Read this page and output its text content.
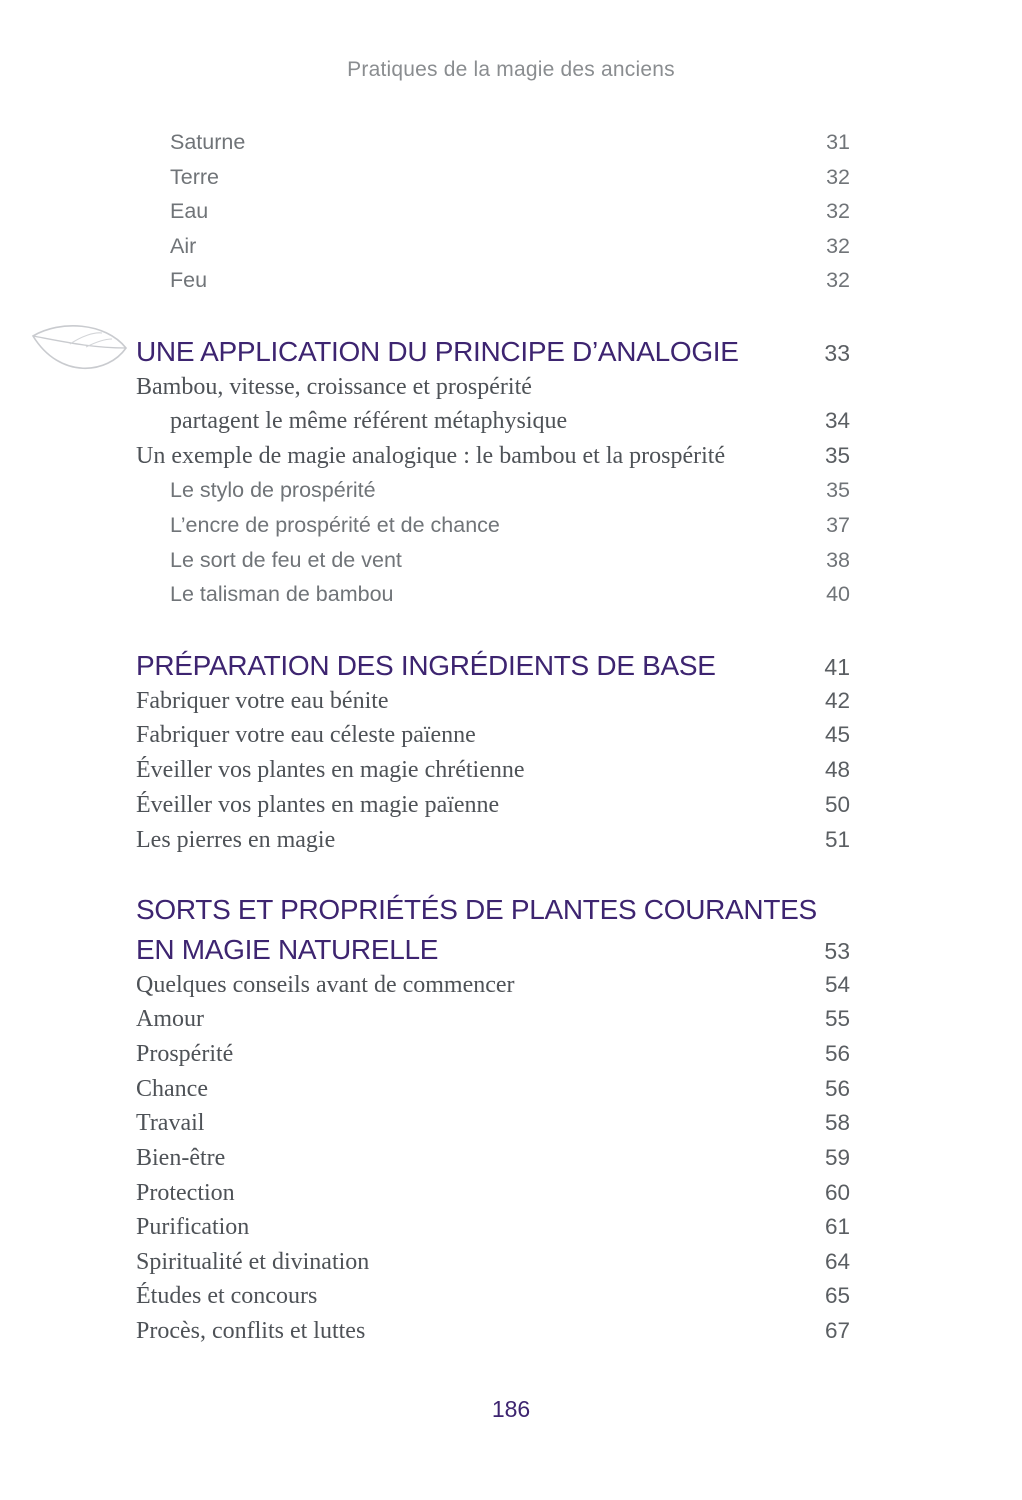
Pratiques de la magie des anciens
Saturne	31
Terre	32
Eau	32
Air	32
Feu	32
UNE APPLICATION DU PRINCIPE D’ANALOGIE	33
Bambou, vitesse, croissance et prospérité
partagent le même référent métaphysique	34
Un exemple de magie analogique : le bambou et la prospérité	35
Le stylo de prospérité	35
L’encre de prospérité et de chance	37
Le sort de feu et de vent	38
Le talisman de bambou	40
PRÉPARATION DES INGRÉDIENTS DE BASE	41
Fabriquer votre eau bénite	42
Fabriquer votre eau céleste païenne	45
Éveiller vos plantes en magie chrétienne	48
Éveiller vos plantes en magie païenne	50
Les pierres en magie	51
SORTS ET PROPRIÉTÉS DE PLANTES COURANTES
EN MAGIE NATURELLE	53
Quelques conseils avant de commencer	54
Amour	55
Prospérité	56
Chance	56
Travail	58
Bien-être	59
Protection	60
Purification	61
Spiritualité et divination	64
Études et concours	65
Procès, conflits et luttes	67
186
